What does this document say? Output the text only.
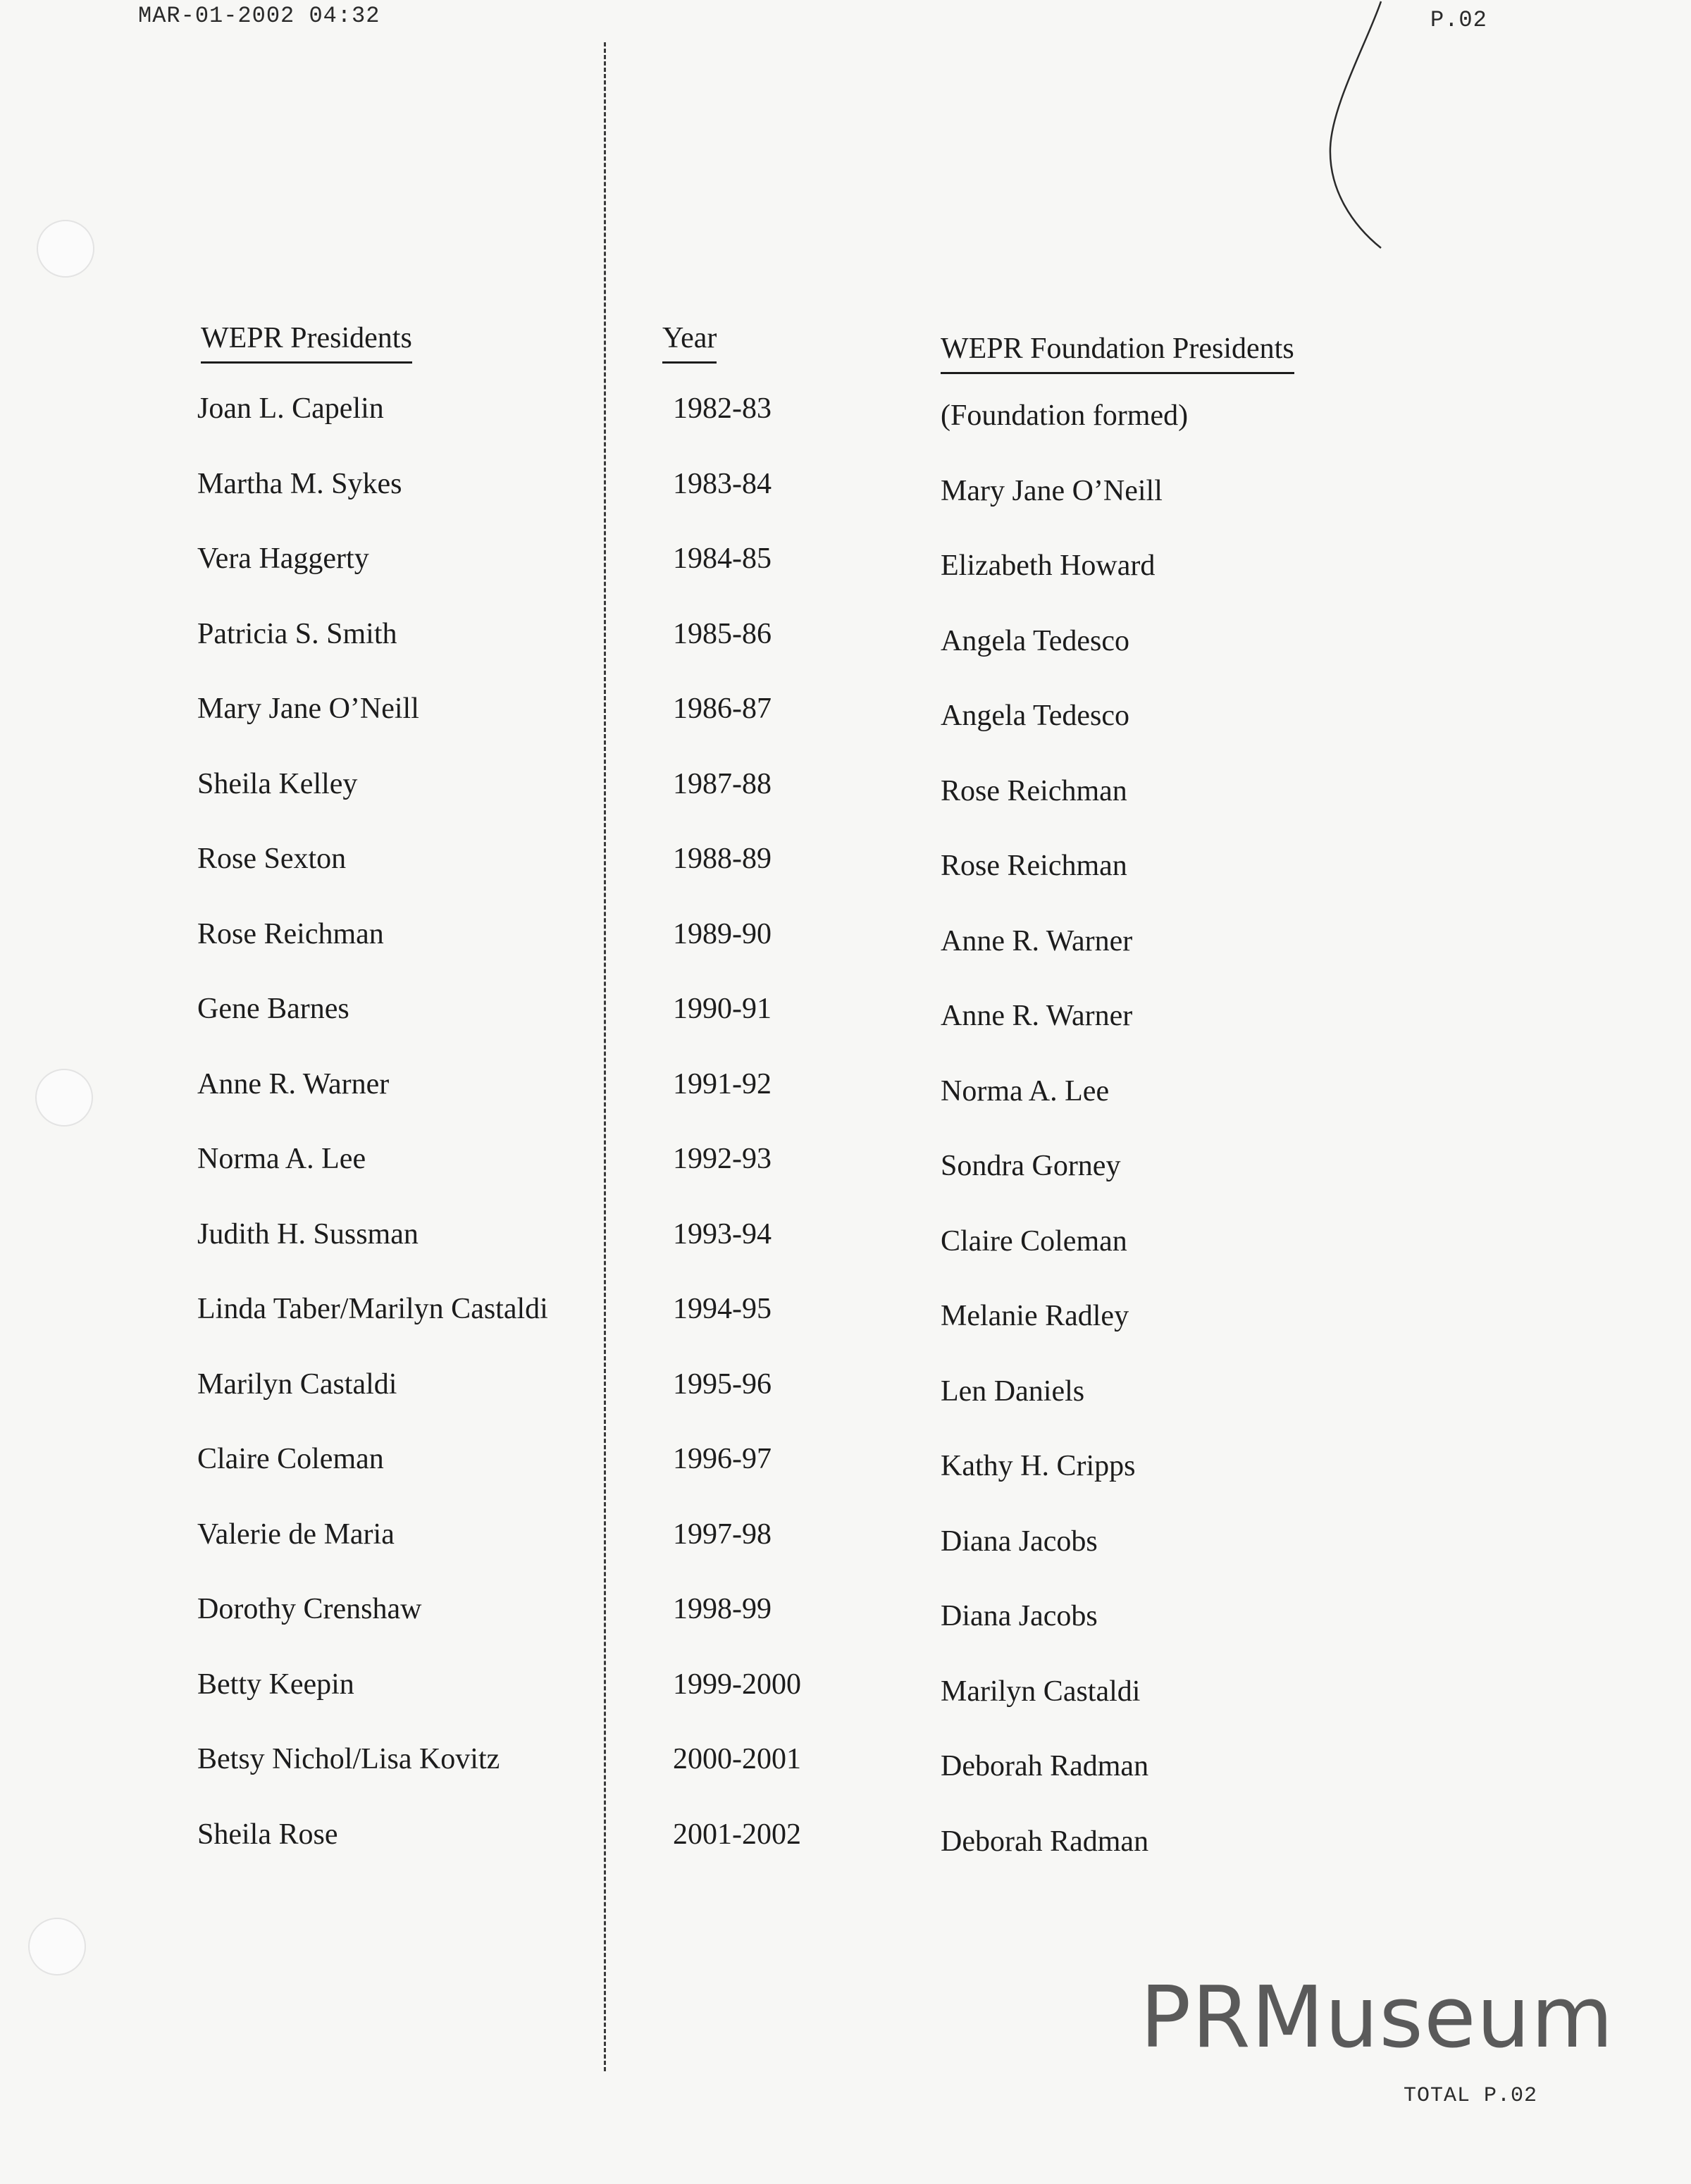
MAR-01-2002 04:32	P.02
WEPR Presidents	Year	WEPR Foundation Presidents
Joan L. Capelin	1982-83	(Foundation formed)
Martha M. Sykes	1983-84	Mary Jane O’Neill
Vera Haggerty	1984-85	Elizabeth Howard
Patricia S. Smith	1985-86	Angela Tedesco
Mary Jane O’Neill	1986-87	Angela Tedesco
Sheila Kelley	1987-88	Rose Reichman
Rose Sexton	1988-89	Rose Reichman
Rose Reichman	1989-90	Anne R. Warner
Gene Barnes	1990-91	Anne R. Warner
Anne R. Warner	1991-92	Norma A. Lee
Norma A. Lee	1992-93	Sondra Gorney
Judith H. Sussman	1993-94	Claire Coleman
Linda Taber/Marilyn Castaldi	1994-95	Melanie Radley
Marilyn Castaldi	1995-96	Len Daniels
Claire Coleman	1996-97	Kathy H. Cripps
Valerie de Maria	1997-98	Diana Jacobs
Dorothy Crenshaw	1998-99	Diana Jacobs
Betty Keepin	1999-2000	Marilyn Castaldi
Betsy Nichol/Lisa Kovitz	2000-2001	Deborah Radman
Sheila Rose	2001-2002	Deborah Radman
PRMuseum
TOTAL P.02
